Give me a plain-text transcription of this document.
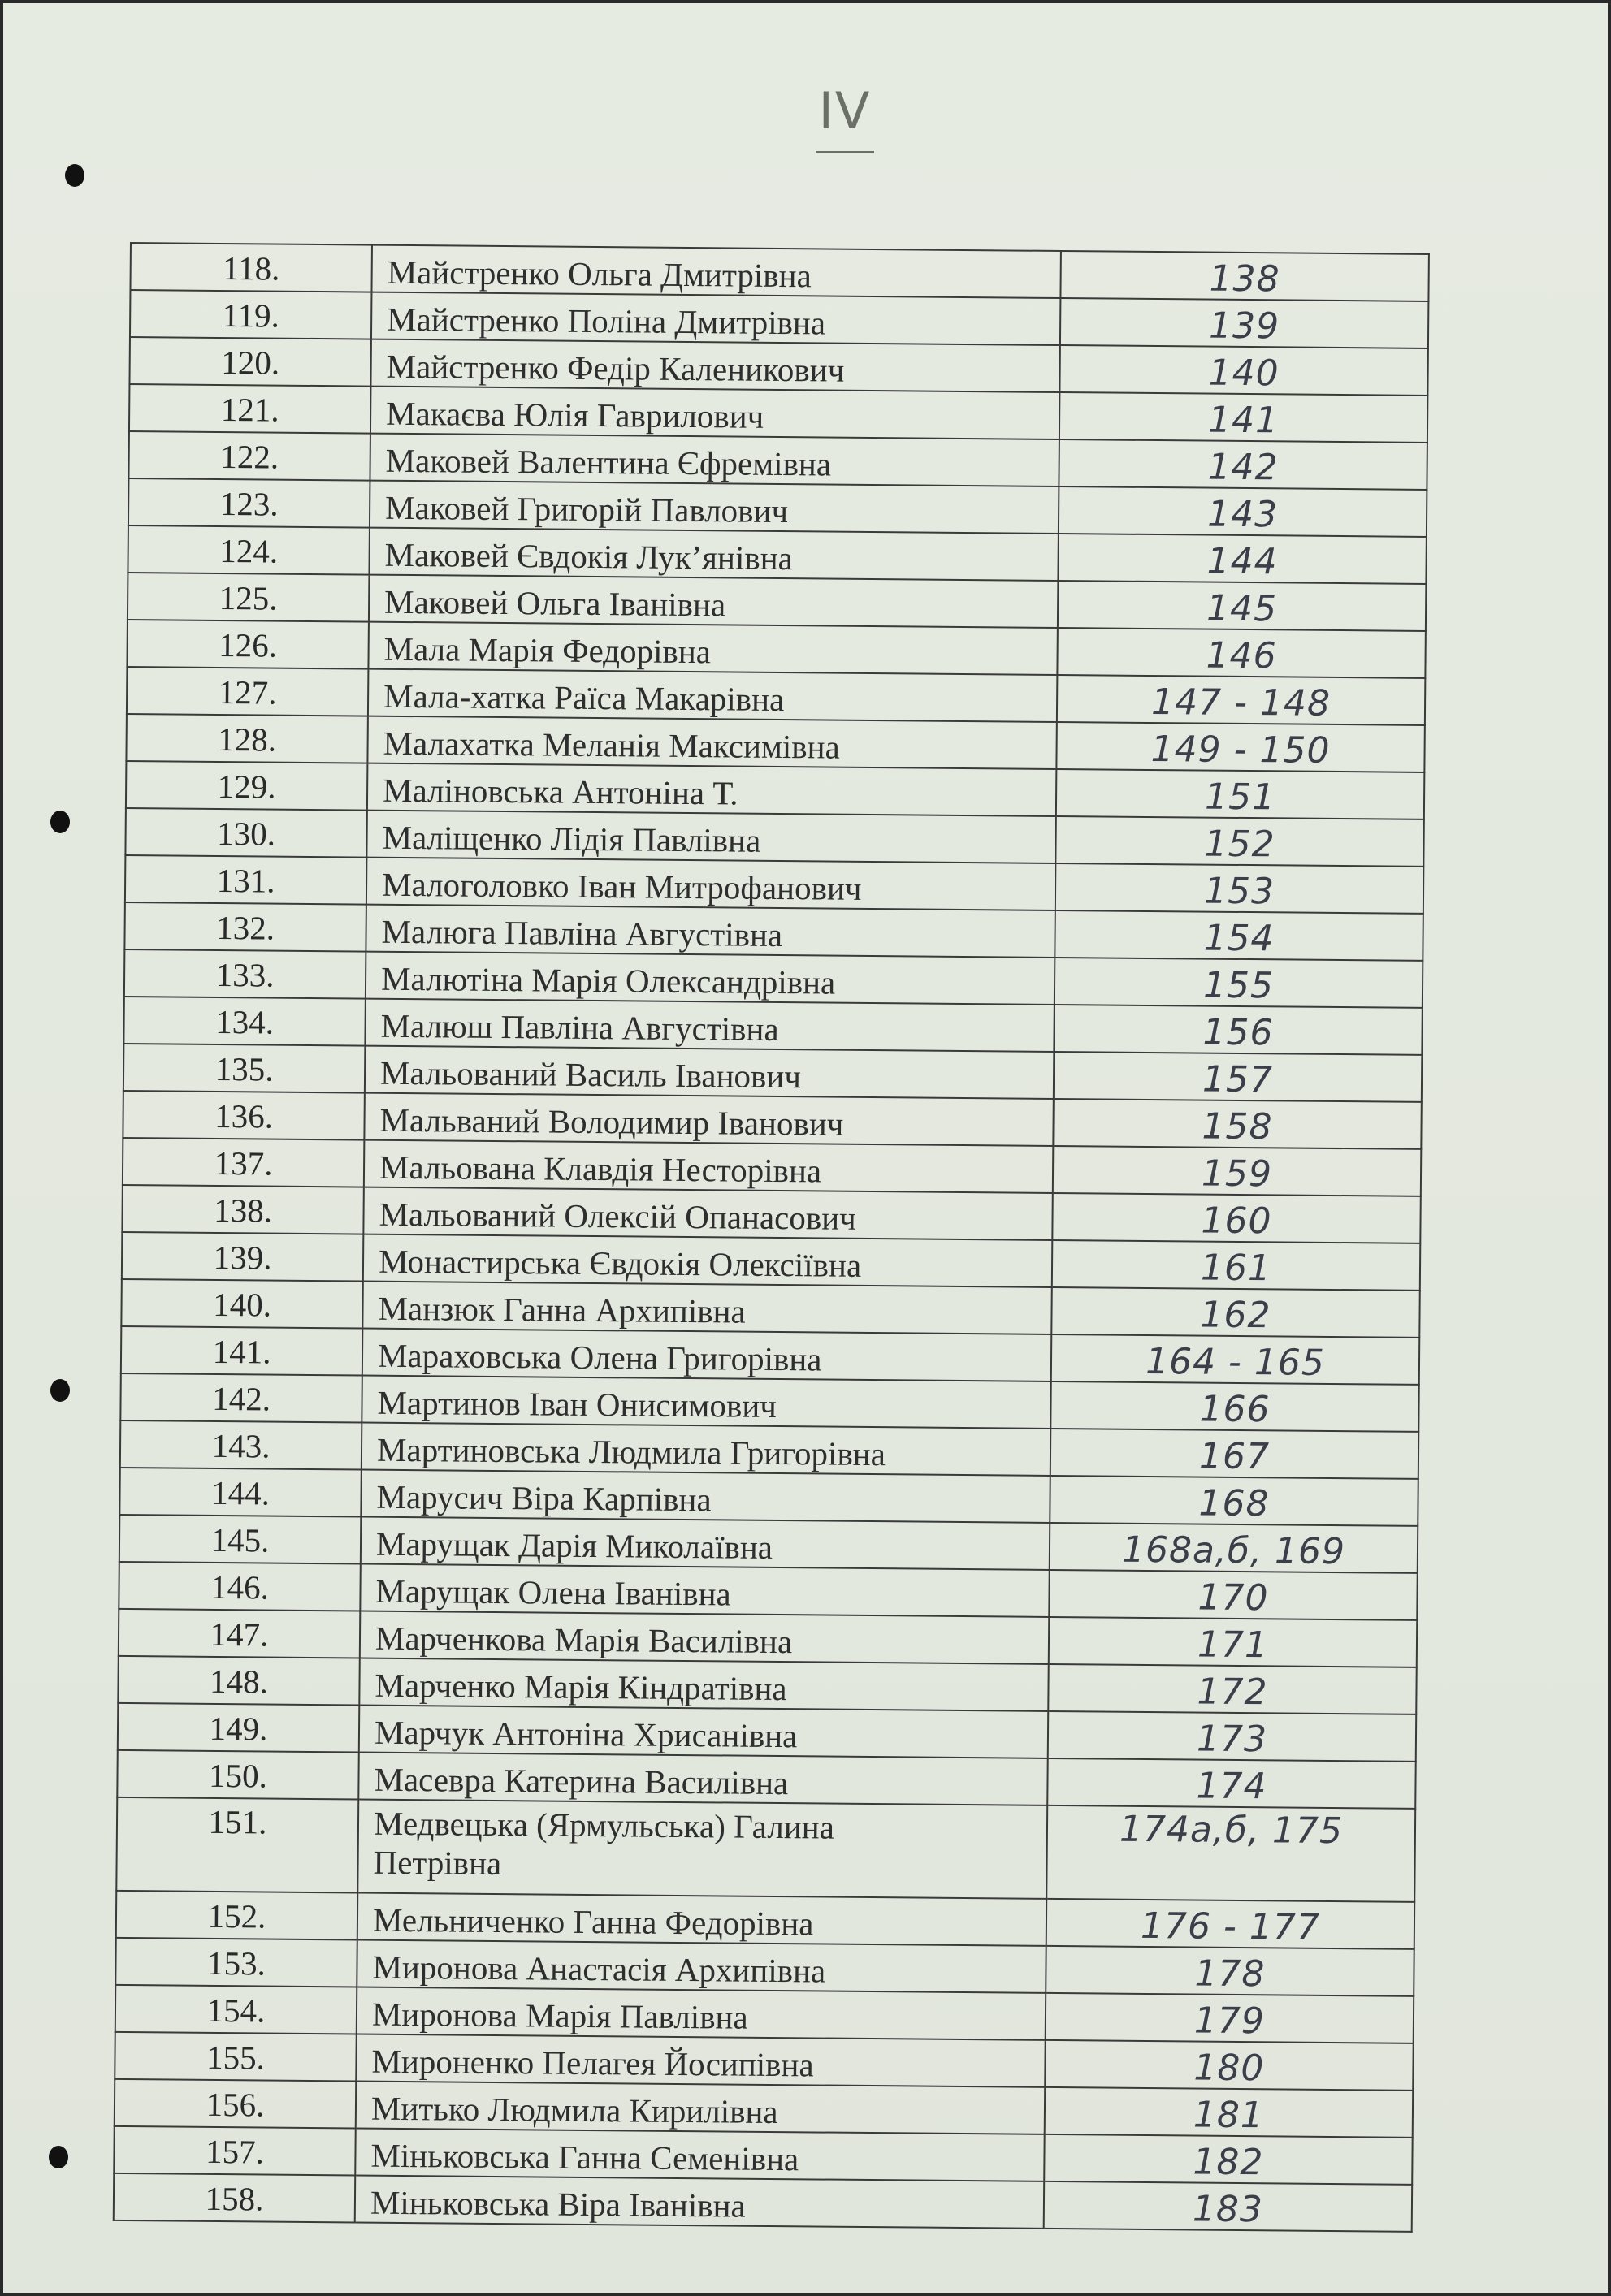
IV
118.	Майстренко Ольга Дмитрівна	138
119.	Майстренко Поліна Дмитрівна	139
120.	Майстренко Федір Каленикович	140
121.	Макаєва Юлія Гаврилович	141
122.	Маковей Валентина Єфремівна	142
123.	Маковей Григорій Павлович	143
124.	Маковей Євдокія Лук’янівна	144
125.	Маковей Ольга Іванівна	145
126.	Мала Марія Федорівна	146
127.	Мала-хатка Раїса Макарівна	147 - 148
128.	Малахатка Меланія Максимівна	149 - 150
129.	Маліновська Антоніна Т.	151
130.	Маліщенко Лідія Павлівна	152
131.	Малоголовко Іван Митрофанович	153
132.	Малюга Павліна Августівна	154
133.	Малютіна Марія Олександрівна	155
134.	Малюш Павліна Августівна	156
135.	Мальований Василь Іванович	157
136.	Мальваний Володимир Іванович	158
137.	Мальована Клавдія Несторівна	159
138.	Мальований Олексій Опанасович	160
139.	Монастирська Євдокія Олексіївна	161
140.	Манзюк Ганна Архипівна	162
141.	Мараховська Олена Григорівна	164 - 165
142.	Мартинов Іван Онисимович	166
143.	Мартиновська Людмила Григорівна	167
144.	Марусич Віра Карпівна	168
145.	Марущак Дарія Миколаївна	168а,б, 169
146.	Марущак Олена Іванівна	170
147.	Марченкова Марія Василівна	171
148.	Марченко Марія Кіндратівна	172
149.	Марчук Антоніна Хрисанівна	173
150.	Масевра Катерина Василівна	174
151.	Медвецька (Ярмульська) Галина
Петрівна	174а,б, 175
152.	Мельниченко Ганна Федорівна	176 - 177
153.	Миронова Анастасія Архипівна	178
154.	Миронова Марія Павлівна	179
155.	Мироненко Пелагея Йосипівна	180
156.	Митько Людмила Кирилівна	181
157.	Міньковська Ганна Семенівна	182
158.	Міньковська Віра Іванівна	183
